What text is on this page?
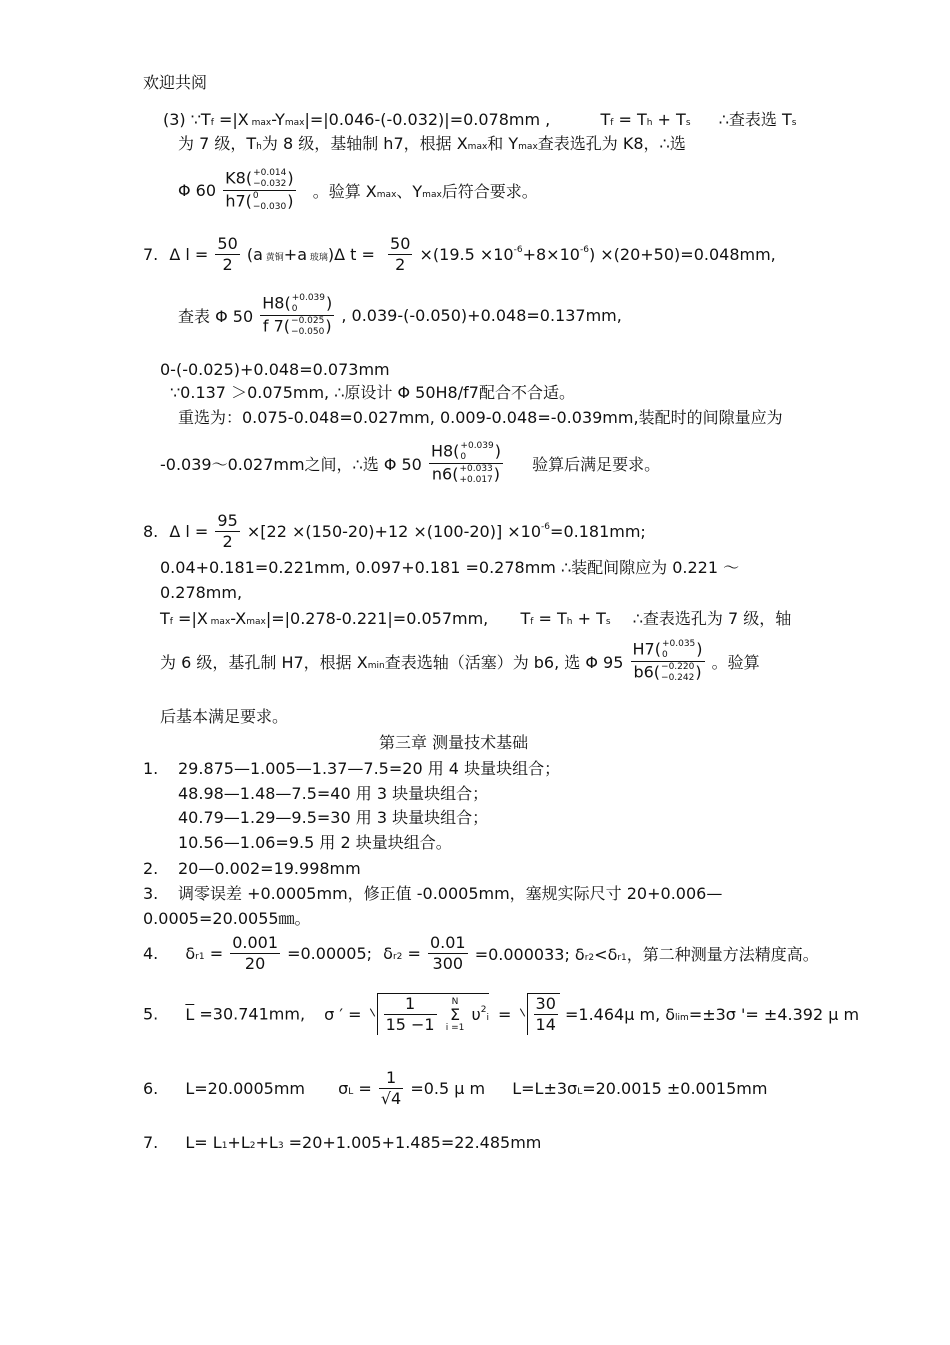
欢迎共阅
(3) ∵Tf =|X max-Ymax|=|0.046-(-0.032)|=0.078mm ,	Tf = Th + Ts ∴查表选 Ts
为 7 级，Th为 8 级，基轴制 h7，根据 Xmax和 Ymax查表选孔为 K8，∴选
Φ 60 K8( +0.014
−0.032 )
h7( 0
−0.030 ) 。验算 Xmax、Ymax后符合要求。
7. Δ $l = \frac{50}{2} (a$ 黄铜+a 玻璃)Δ $t = \frac{50}{2} \times(19.5 \times 10^{-6}+8\times 10^{-6}) \times(20+50)=0.048mm$,
查表 Φ 50 H8( +0.039
0	)
f 7( −0.025
−0.050 ) , 0.039-(-0.050)+0.048=0.137mm,
0-(-0.025)+0.048=0.073mm
∵0.137 ＞0.075mm, ∴原设计 Φ 50H8/f7配合不合适。
重选为：0.075-0.048=0.027mm, 0.009-0.048=-0.039mm,装配时的间隙量应为
-0.039～0.027mm之间，∴选 Φ 50 H8( +0.039
0	)
n6( +0.033
+0.017 ) 验算后满足要求。
8. Δ $l = \frac{95}{2} \times[22 \times(150-20)+12 \times(100-20)] \times 10^{-6}=0.181mm$;
0.04+0.181=0.221mm, 0.097+0.181 =0.278mm ∴装配间隙应为 0.221 ～
0.278mm,
Tf =|X max-Xmax|=|0.278-0.221|=0.057mm, Tf = Th + Ts ∴查表选孔为 7 级，轴
为 6 级，基孔制 H7，根据 Xmin查表选轴（活塞）为 b6, 选 Φ 95 H7( +0.035
0	)
b6( −0.220
−0.242 ) 。验算
后基本满足要求。
第三章 测量技术基础
1. 29.875—1.005—1.37—7.5=20 用 4 块量块组合；
48.98—1.48—7.5=40 用 3 块量块组合；
40.79—1.29—9.5=30 用 3 块量块组合；
10.56—1.06=9.5 用 2 块量块组合。
2. 20—0.002=19.998mm
3. 调零误差 +0.0005mm，修正值 -0.0005mm，塞规实际尺寸 20+0.006—
0.0005=20.0055㎜。
4. $\delta r1 = \frac{0.001}{20} =0.00005$; $\delta r2 = \frac{0.01}{300} =0.000033$; δr2<δr1，第二种测量方法精度高。
5. $\overline{L} =30.741mm$, σ ′ = $\frac{1}{15 -1}$ N
Σ
i =1 $\upsilon^2i = \frac{30}{14} =1.464\mu$ m, δlim=±3σ '= ±4.392 μ m
6. L=20.0005mm $\sigma L = \frac{1}{√4} =0.5$ μ m L=L±3σL=20.0015 ±0.0015mm
7. L= L1+L2+L3 =20+1.005+1.485=22.485mm
